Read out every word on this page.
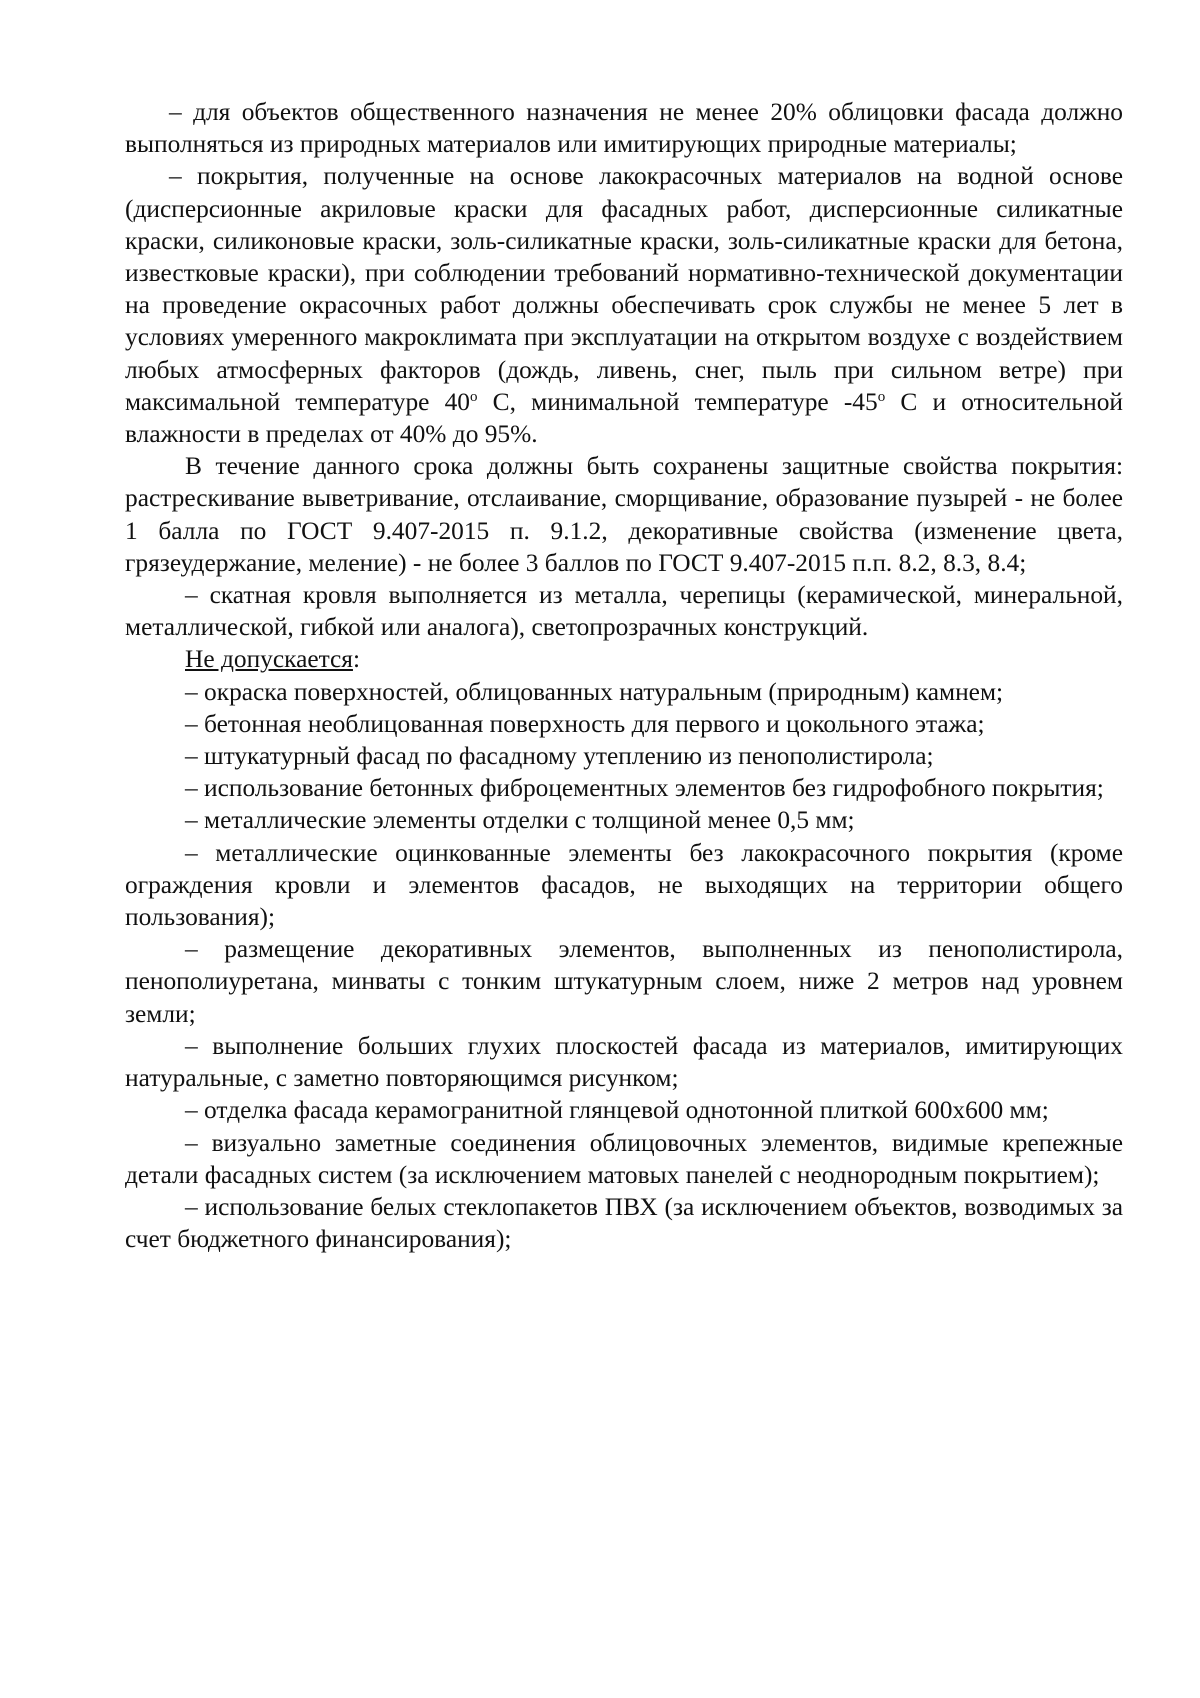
– для объектов общественного назначения не менее 20% облицовки фасада должно выполняться из природных материалов или имитирующих природные материалы;

– покрытия, полученные на основе лакокрасочных материалов на водной основе (дисперсионные акриловые краски для фасадных работ, дисперсионные силикатные краски, силиконовые краски, золь-силикатные краски, золь-силикатные краски для бетона, известковые краски), при соблюдении требований нормативно-технической документации на проведение окрасочных работ должны обеспечивать срок службы не менее 5 лет в условиях умеренного макроклимата при эксплуатации на открытом воздухе с воздействием любых атмосферных факторов (дождь, ливень, снег, пыль при сильном ветре) при максимальной температуре 40$^o$ С, минимальной температуре -45$^o$ С и относительной влажности в пределах от 40% до 95%.

В течение данного срока должны быть сохранены защитные свойства покрытия: растрескивание выветривание, отслаивание, сморщивание, образование пузырей - не более 1 балла по ГОСТ 9.407-2015 п. 9.1.2, декоративные свойства (изменение цвета, грязеудержание, меление) - не более 3 баллов по ГОСТ 9.407-2015 п.п. 8.2, 8.3, 8.4;

– скатная кровля выполняется из металла, черепицы (керамической, минеральной, металлической, гибкой или аналога), светопрозрачных конструкций.

Не допускается:

– окраска поверхностей, облицованных натуральным (природным) камнем;

– бетонная необлицованная поверхность для первого и цокольного этажа;

– штукатурный фасад по фасадному утеплению из пенополистирола;

– использование бетонных фиброцементных элементов без гидрофобного покрытия;

– металлические элементы отделки с толщиной менее 0,5 мм;

– металлические оцинкованные элементы без лакокрасочного покрытия (кроме ограждения кровли и элементов фасадов, не выходящих на территории общего пользования);

– размещение декоративных элементов, выполненных из пенополистирола, пенополиуретана, минваты с тонким штукатурным слоем, ниже 2 метров над уровнем земли;

– выполнение больших глухих плоскостей фасада из материалов, имитирующих натуральные, с заметно повторяющимся рисунком;

– отделка фасада керамогранитной глянцевой однотонной плиткой 600х600 мм;

– визуально заметные соединения облицовочных элементов, видимые крепежные детали фасадных систем (за исключением матовых панелей с неоднородным покрытием);

– использование белых стеклопакетов ПВХ (за исключением объектов, возводимых за счет бюджетного финансирования);
